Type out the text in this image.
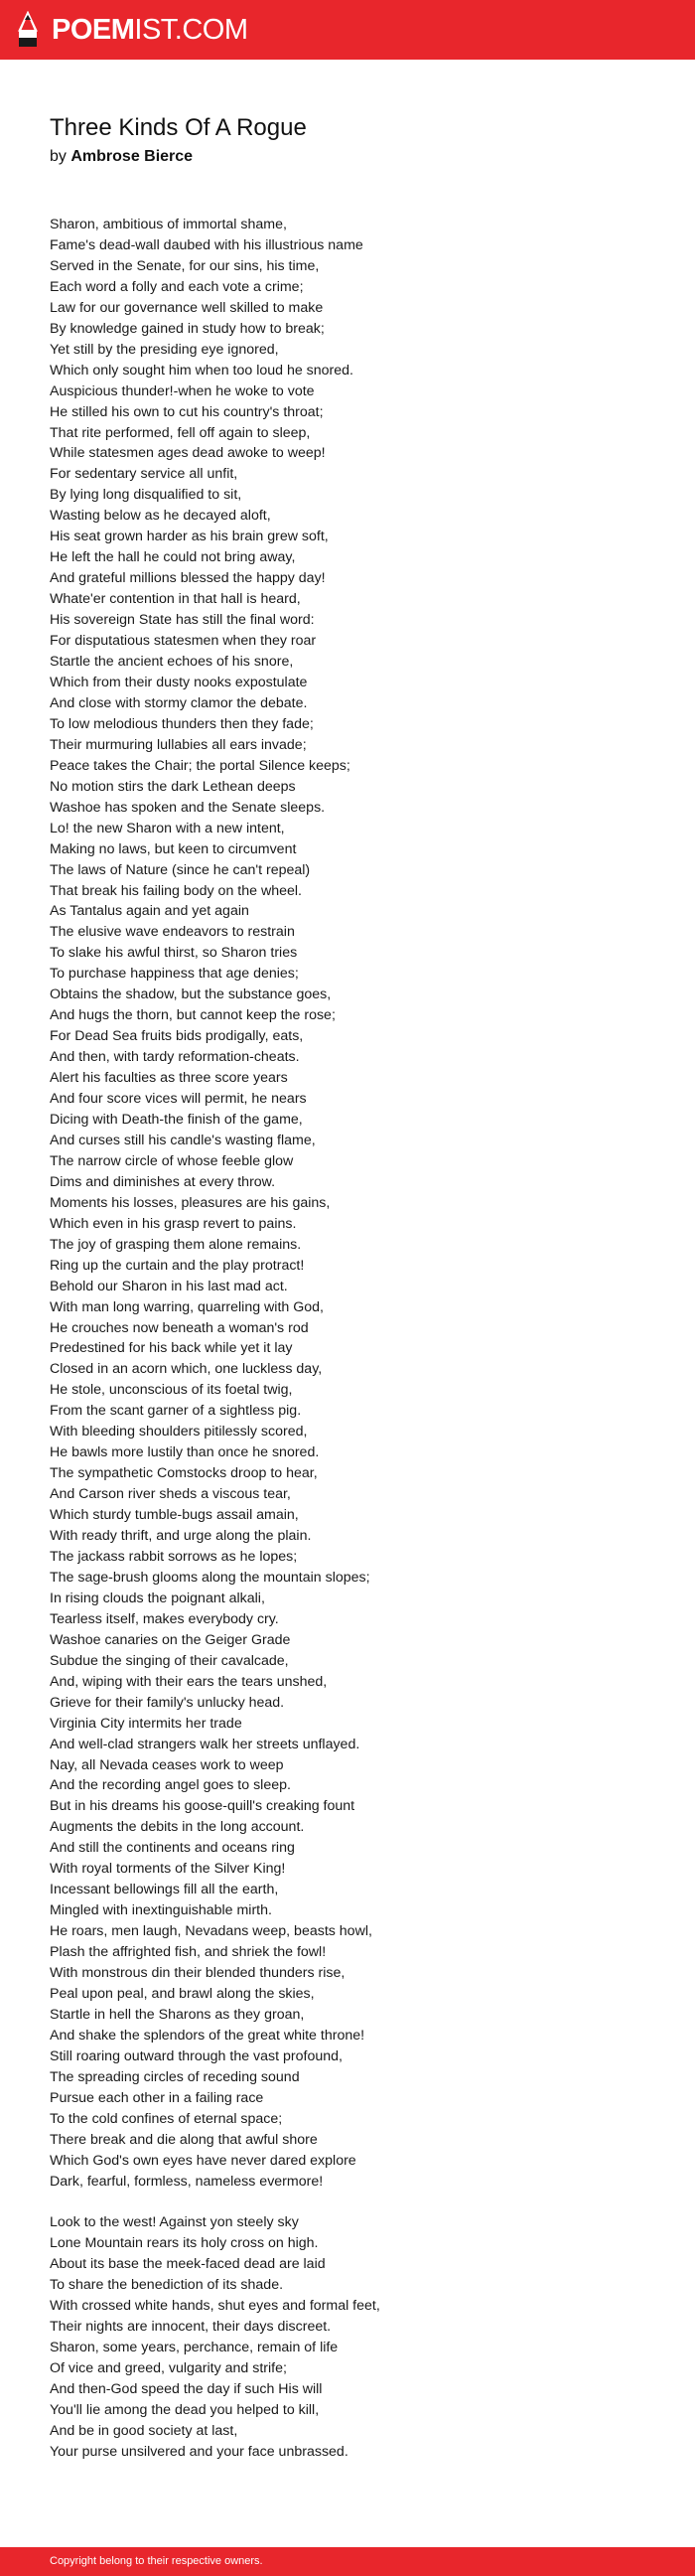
POEMIST.COM
Three Kinds Of A Rogue
by Ambrose Bierce
Sharon, ambitious of immortal shame,
Fame's dead-wall daubed with his illustrious name
Served in the Senate, for our sins, his time,
Each word a folly and each vote a crime;
Law for our governance well skilled to make
By knowledge gained in study how to break;
Yet still by the presiding eye ignored,
Which only sought him when too loud he snored.
Auspicious thunder!-when he woke to vote
He stilled his own to cut his country's throat;
That rite performed, fell off again to sleep,
While statesmen ages dead awoke to weep!
For sedentary service all unfit,
By lying long disqualified to sit,
Wasting below as he decayed aloft,
His seat grown harder as his brain grew soft,
He left the hall he could not bring away,
And grateful millions blessed the happy day!
Whate'er contention in that hall is heard,
His sovereign State has still the final word:
For disputatious statesmen when they roar
Startle the ancient echoes of his snore,
Which from their dusty nooks expostulate
And close with stormy clamor the debate.
To low melodious thunders then they fade;
Their murmuring lullabies all ears invade;
Peace takes the Chair; the portal Silence keeps;
No motion stirs the dark Lethean deeps
Washoe has spoken and the Senate sleeps.
Lo! the new Sharon with a new intent,
Making no laws, but keen to circumvent
The laws of Nature (since he can't repeal)
That break his failing body on the wheel.
As Tantalus again and yet again
The elusive wave endeavors to restrain
To slake his awful thirst, so Sharon tries
To purchase happiness that age denies;
Obtains the shadow, but the substance goes,
And hugs the thorn, but cannot keep the rose;
For Dead Sea fruits bids prodigally, eats,
And then, with tardy reformation-cheats.
Alert his faculties as three score years
And four score vices will permit, he nears
Dicing with Death-the finish of the game,
And curses still his candle's wasting flame,
The narrow circle of whose feeble glow
Dims and diminishes at every throw.
Moments his losses, pleasures are his gains,
Which even in his grasp revert to pains.
The joy of grasping them alone remains.
Ring up the curtain and the play protract!
Behold our Sharon in his last mad act.
With man long warring, quarreling with God,
He crouches now beneath a woman's rod
Predestined for his back while yet it lay
Closed in an acorn which, one luckless day,
He stole, unconscious of its foetal twig,
From the scant garner of a sightless pig.
With bleeding shoulders pitilessly scored,
He bawls more lustily than once he snored.
The sympathetic Comstocks droop to hear,
And Carson river sheds a viscous tear,
Which sturdy tumble-bugs assail amain,
With ready thrift, and urge along the plain.
The jackass rabbit sorrows as he lopes;
The sage-brush glooms along the mountain slopes;
In rising clouds the poignant alkali,
Tearless itself, makes everybody cry.
Washoe canaries on the Geiger Grade
Subdue the singing of their cavalcade,
And, wiping with their ears the tears unshed,
Grieve for their family's unlucky head.
Virginia City intermits her trade
And well-clad strangers walk her streets unflayed.
Nay, all Nevada ceases work to weep
And the recording angel goes to sleep.
But in his dreams his goose-quill's creaking fount
Augments the debits in the long account.
And still the continents and oceans ring
With royal torments of the Silver King!
Incessant bellowings fill all the earth,
Mingled with inextinguishable mirth.
He roars, men laugh, Nevadans weep, beasts howl,
Plash the affrighted fish, and shriek the fowl!
With monstrous din their blended thunders rise,
Peal upon peal, and brawl along the skies,
Startle in hell the Sharons as they groan,
And shake the splendors of the great white throne!
Still roaring outward through the vast profound,
The spreading circles of receding sound
Pursue each other in a failing race
To the cold confines of eternal space;
There break and die along that awful shore
Which God's own eyes have never dared explore
Dark, fearful, formless, nameless evermore!
Look to the west! Against yon steely sky
Lone Mountain rears its holy cross on high.
About its base the meek-faced dead are laid
To share the benediction of its shade.
With crossed white hands, shut eyes and formal feet,
Their nights are innocent, their days discreet.
Sharon, some years, perchance, remain of life
Of vice and greed, vulgarity and strife;
And then-God speed the day if such His will
You'll lie among the dead you helped to kill,
And be in good society at last,
Your purse unsilvered and your face unbrassed.
Copyright belong to their respective owners.
